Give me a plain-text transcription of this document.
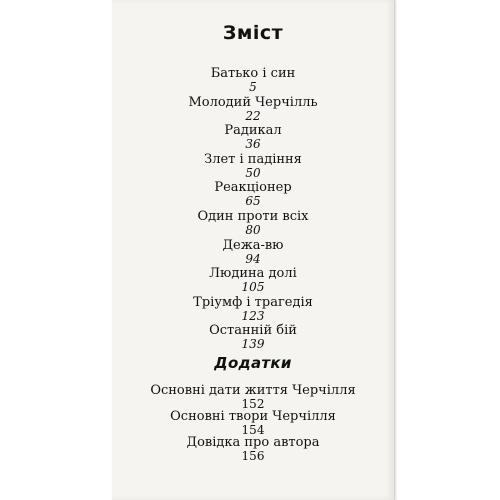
Зміст
Батько і син
5
Молодий Черчілль
22
Радикал
36
Злет і падіння
50
Реакціонер
65
Один проти всіх
80
Дежа-вю
94
Людина долі
105
Тріумф і трагедія
123
Останній бій
139
Додатки
Основні дати життя Черчілля
152
Основні твори Черчілля
154
Довідка про автора
156
